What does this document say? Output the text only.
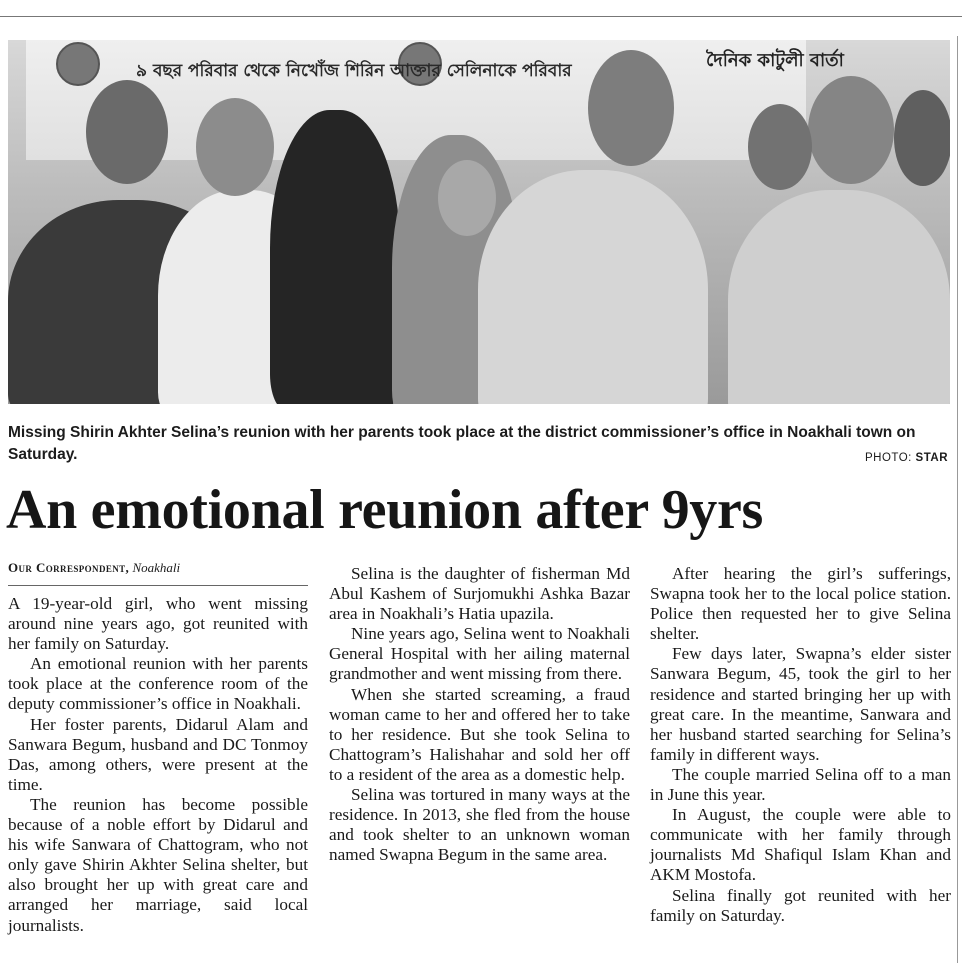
৯ বছর পরিবার থেকে নিখোঁজ শিরিন আক্তার সেলিনাকে পরিবার	দৈনিক কাটুলী বার্তা
Missing Shirin Akhter Selina’s reunion with her parents took place at the district commissioner’s office in Noakhali town on Saturday.	PHOTO: STAR
An emotional reunion after 9yrs
Our Correspondent, Noakhali

A 19-year-old girl, who went missing around nine years ago, got reunited with her family on Saturday.

An emotional reunion with her parents took place at the conference room of the deputy commissioner’s office in Noakhali.

Her foster parents, Didarul Alam and Sanwara Begum, husband and DC Tonmoy Das, among others, were present at the time.

The reunion has become possible because of a noble effort by Didarul and his wife Sanwara of Chattogram, who not only gave Shirin Akhter Selina shelter, but also brought her up with great care and arranged her marriage, said local journalists.

Selina is the daughter of fisherman Md Abul Kashem of Surjomukhi Ashka Bazar area in Noakhali’s Hatia upazila.

Nine years ago, Selina went to Noakhali General Hospital with her ailing maternal grandmother and went missing from there.

When she started screaming, a fraud woman came to her and offered her to take to her residence. But she took Selina to Chattogram’s Halishahar and sold her off to a resident of the area as a domestic help.

Selina was tortured in many ways at the residence. In 2013, she fled from the house and took shelter to an unknown woman named Swapna Begum in the same area.

After hearing the girl’s sufferings, Swapna took her to the local police station. Police then requested her to give Selina shelter.

Few days later, Swapna’s elder sister Sanwara Begum, 45, took the girl to her residence and started bringing her up with great care. In the meantime, Sanwara and her husband started searching for Selina’s family in different ways.

The couple married Selina off to a man in June this year.

In August, the couple were able to communicate with her family through journalists Md Shafiqul Islam Khan and AKM Mostofa.

Selina finally got reunited with her family on Saturday.
